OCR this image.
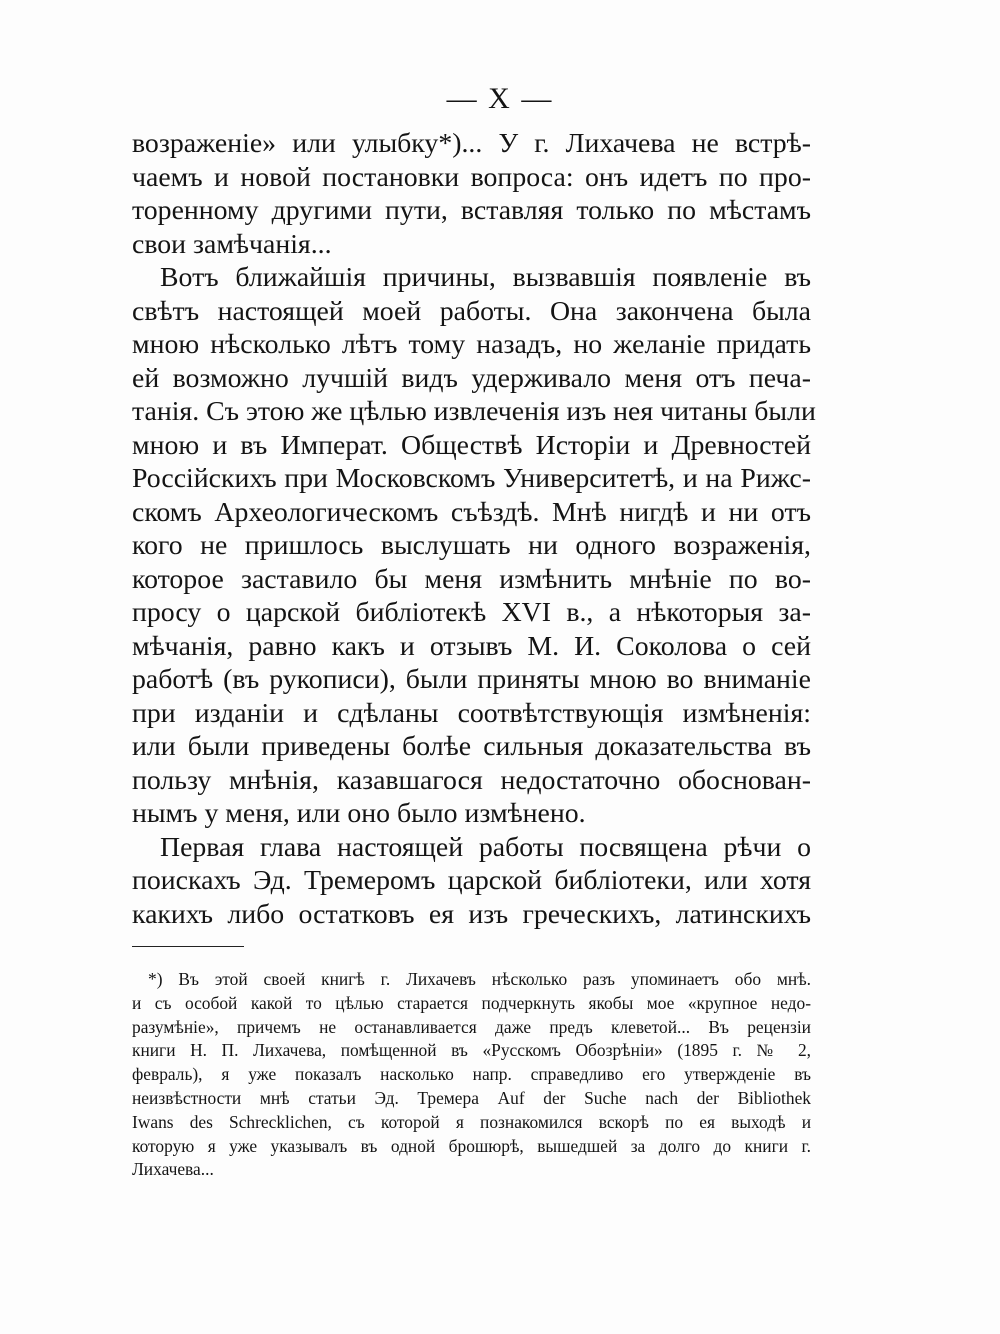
— X —
возраженіе» или улыбку*)... У г. Лихачева не встрѣ-
чаемъ и новой постановки вопроса: онъ идетъ по про-
торенному другими пути, вставляя только по мѣстамъ
свои замѣчанія...
Вотъ ближайшія причины, вызвавшія появленіе въ
свѣтъ настоящей моей работы. Она закончена была
мною нѣсколько лѣтъ тому назадъ, но желаніе придать
ей возможно лучшій видъ удерживало меня отъ печа-
танія. Съ этою же цѣлью извлеченія изъ нея читаны были
мною и въ Императ. Обществѣ Исторіи и Древностей
Россійскихъ при Московскомъ Университетѣ, и на Рижс-
скомъ Археологическомъ съѣздѣ. Мнѣ нигдѣ и ни отъ
кого не пришлось выслушать ни одного возраженія,
которое заставило бы меня измѣнить мнѣніе по во-
просу о царской библіотекѣ XVI в., а нѣкоторыя за-
мѣчанія, равно какъ и отзывъ М. И. Соколова о сей
работѣ (въ рукописи), были приняты мною во вниманіе
при изданіи и сдѣланы соотвѣтствующія измѣненія:
или были приведены болѣе сильныя доказательства въ
пользу мнѣнія, казавшагося недостаточно обоснован-
нымъ у меня, или оно было измѣнено.
Первая глава настоящей работы посвящена рѣчи о
поискахъ Эд. Тремеромъ царской библіотеки, или хотя
какихъ либо остатковъ ея изъ греческихъ, латинскихъ
*) Въ этой своей книгѣ г. Лихачевъ нѣсколько разъ упоминаетъ обо мнѣ.
и съ особой какой то цѣлью старается подчеркнуть якобы мое «крупное недо-
разумѣніе», причемъ не останавливается даже предъ клеветой... Въ рецензіи
книги Н. П. Лихачева, помѣщенной въ «Русскомъ Обозрѣніи» (1895 г. № 2,
февраль), я уже показалъ насколько напр. справедливо его утвержденіе въ
неизвѣстности мнѣ статьи Эд. Тремера Auf der Suche nach der Bibliothek
Iwans des Schrecklichen, съ которой я познакомился вскорѣ по ея выходѣ и
которую я уже указывалъ въ одной брошюрѣ, вышедшей за долго до книги г.
Лихачева...
